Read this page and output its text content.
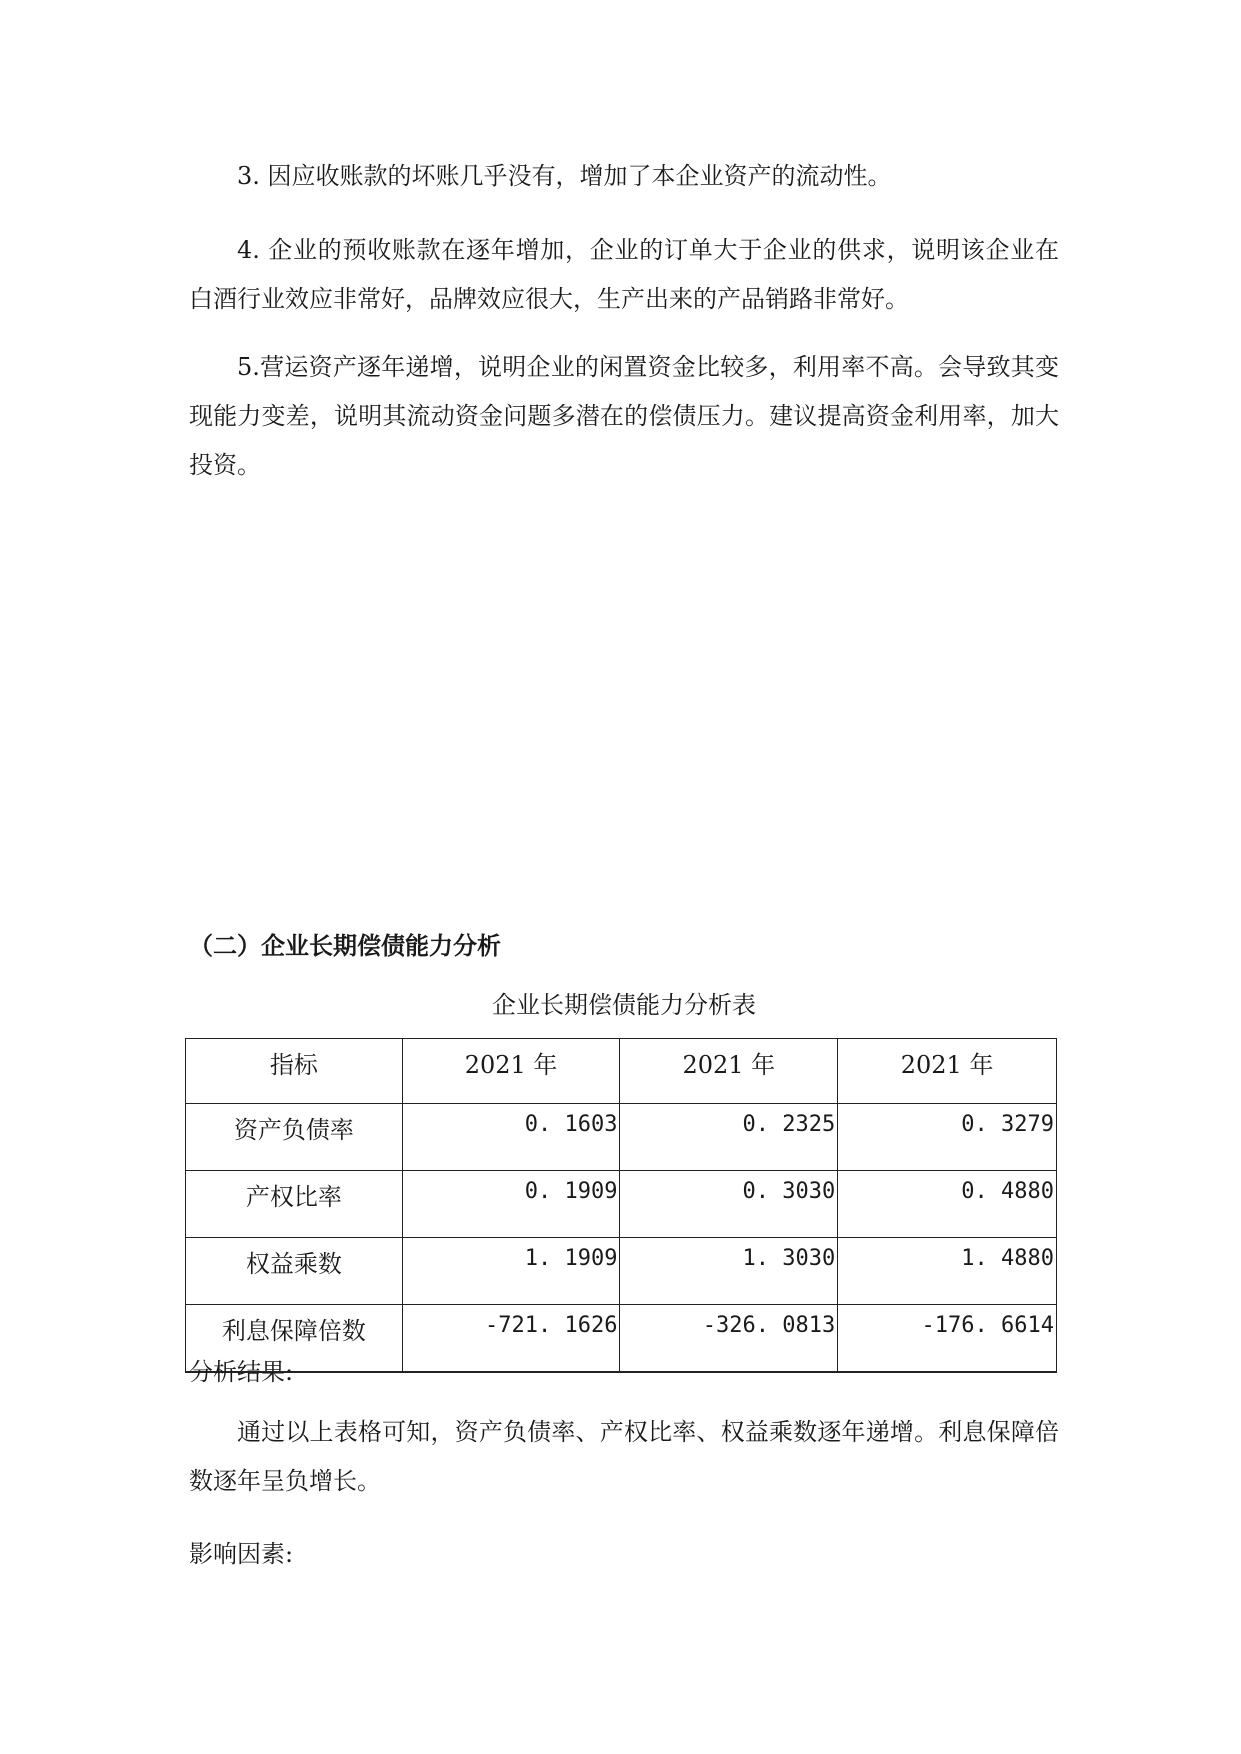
3. 因应收账款的坏账几乎没有，增加了本企业资产的流动性。

4. 企业的预收账款在逐年增加，企业的订单大于企业的供求，说明该企业在白酒行业效应非常好，品牌效应很大，生产出来的产品销路非常好。

5.营运资产逐年递增，说明企业的闲置资金比较多，利用率不高。会导致其变现能力变差，说明其流动资金问题多潜在的偿债压力。建议提高资金利用率，加大投资。

（二）企业长期偿债能力分析
企业长期偿债能力分析表
指标	2021 年	2021 年	2021 年
资产负债率	0. 1603	0. 2325	0. 3279
产权比率	0. 1909	0. 3030	0. 4880
权益乘数	1. 1909	1. 3030	1. 4880
利息保障倍数	-721. 1626	-326. 0813	-176. 6614
分析结果:

通过以上表格可知，资产负债率、产权比率、权益乘数逐年递增。利息保障倍数逐年呈负增长。

影响因素:
